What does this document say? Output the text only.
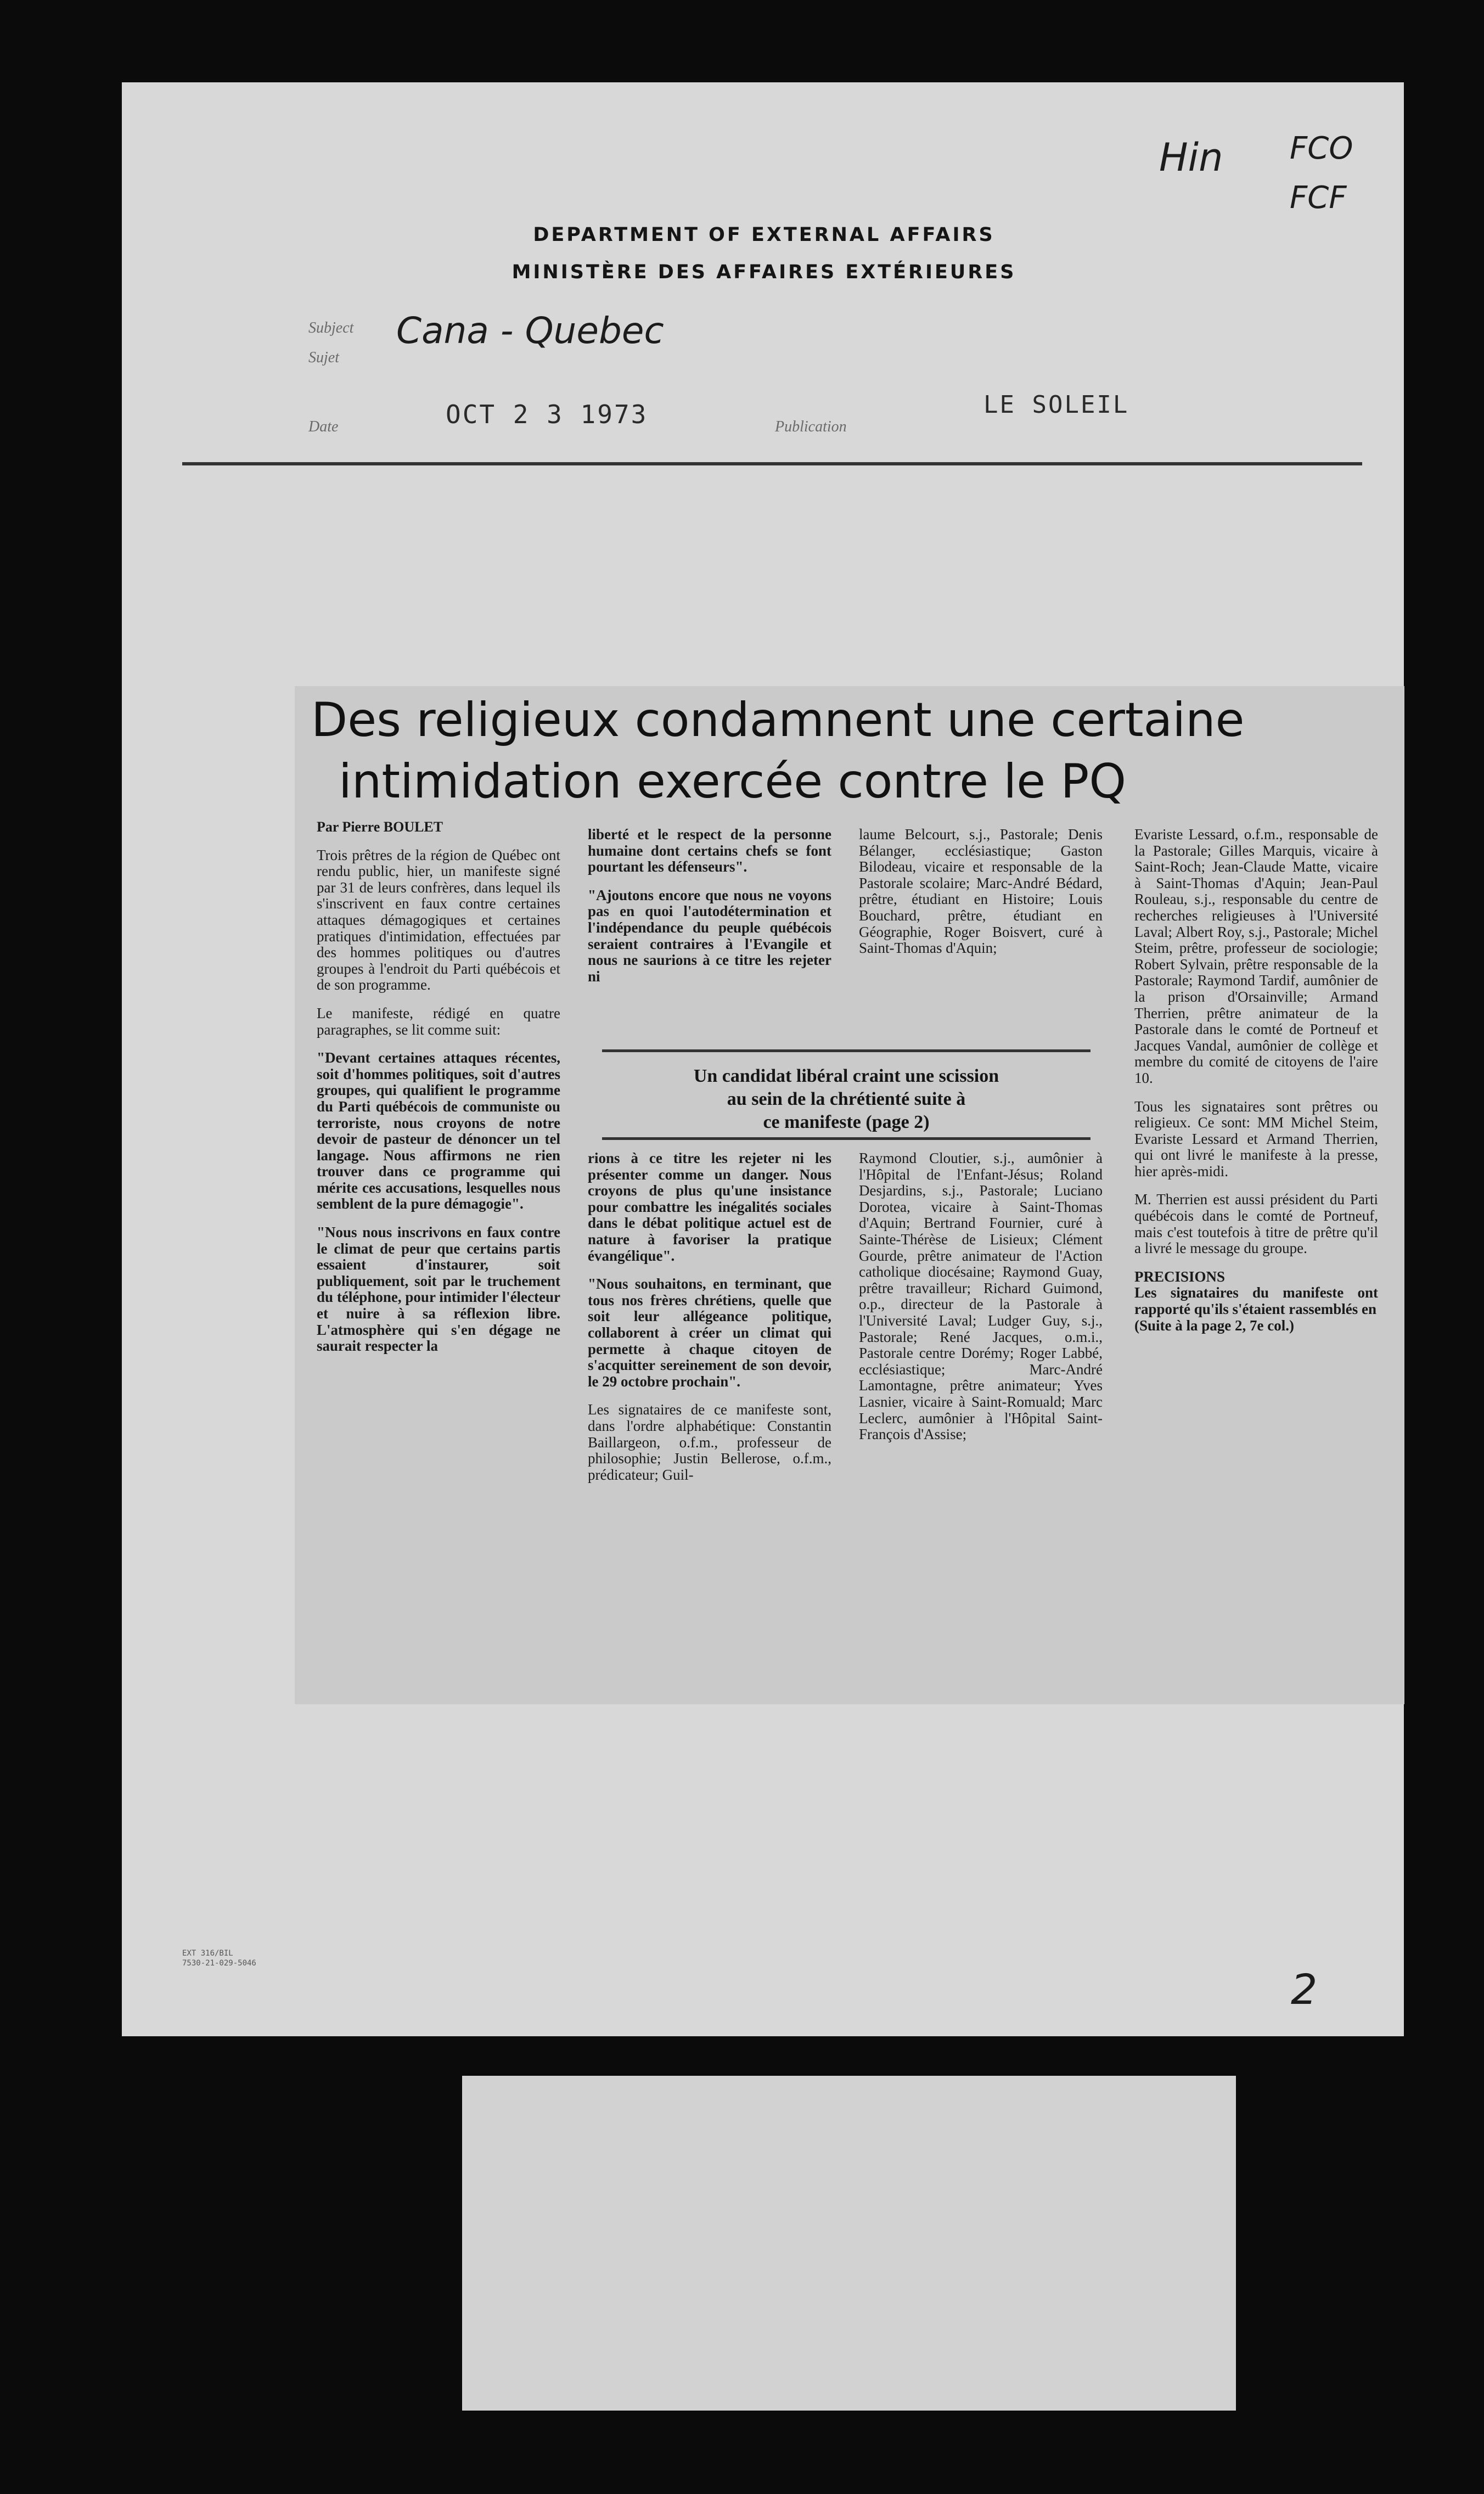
Hin FCO
FCF
DEPARTMENT OF EXTERNAL AFFAIRS
MINISTÈRE DES AFFAIRES EXTÉRIEURES
Subject
Sujet
Cana - Quebec
Date	OCT 2 3 1973	Publication
LE SOLEIL
EXT 316/BIL
7530-21-029-5046
2
Des religieux condamnent une certaine
intimidation exercée contre le PQ

Par Pierre BOULET

Trois prêtres de la région de Québec ont rendu public, hier, un manifeste signé par 31 de leurs confrères, dans lequel ils s'inscrivent en faux contre certaines attaques démagogiques et certaines pratiques d'intimidation, effectuées par des hommes politiques ou d'autres groupes à l'endroit du Parti québécois et de son programme.

Le manifeste, rédigé en quatre paragraphes, se lit comme suit:

"Devant certaines attaques récentes, soit d'hommes politiques, soit d'autres groupes, qui qualifient le programme du Parti québécois de communiste ou terroriste, nous croyons de notre devoir de pasteur de dénoncer un tel langage. Nous affirmons ne rien trouver dans ce programme qui mérite ces accusations, lesquelles nous semblent de la pure démagogie".

"Nous nous inscrivons en faux contre le climat de peur que certains partis essaient d'instaurer, soit publiquement, soit par le truchement du téléphone, pour intimider l'électeur et nuire à sa réflexion libre. L'atmosphère qui s'en dégage ne saurait respecter la

liberté et le respect de la personne humaine dont certains chefs se font pourtant les défenseurs".

"Ajoutons encore que nous ne voyons pas en quoi l'autodétermination et l'indépendance du peuple québécois seraient contraires à l'Evangile et nous ne saurions à ce titre les rejeter ni

laume Belcourt, s.j., Pastorale; Denis Bélanger, ecclésiastique; Gaston Bilodeau, vicaire et responsable de la Pastorale scolaire; Marc-André Bédard, prêtre, étudiant en Histoire; Louis Bouchard, prêtre, étudiant en Géographie, Roger Boisvert, curé à Saint-Thomas d'Aquin;

Un candidat libéral craint une scission
au sein de la chrétienté suite à
ce manifeste (page 2)

rions à ce titre les rejeter ni les présenter comme un danger. Nous croyons de plus qu'une insistance pour combattre les inégalités sociales dans le débat politique actuel est de nature à favoriser la pratique évangélique".

"Nous souhaitons, en terminant, que tous nos frères chrétiens, quelle que soit leur allégeance politique, collaborent à créer un climat qui permette à chaque citoyen de s'acquitter sereinement de son devoir, le 29 octobre prochain".

Les signataires de ce manifeste sont, dans l'ordre alphabétique: Constantin Baillargeon, o.f.m., professeur de philosophie; Justin Bellerose, o.f.m., prédicateur; Guil-

Raymond Cloutier, s.j., aumônier à l'Hôpital de l'Enfant-Jésus; Roland Desjardins, s.j., Pastorale; Luciano Dorotea, vicaire à Saint-Thomas d'Aquin; Bertrand Fournier, curé à Sainte-Thérèse de Lisieux; Clément Gourde, prêtre animateur de l'Action catholique diocésaine; Raymond Guay, prêtre travailleur; Richard Guimond, o.p., directeur de la Pastorale à l'Université Laval; Ludger Guy, s.j., Pastorale; René Jacques, o.m.i., Pastorale centre Dorémy; Roger Labbé, ecclésiastique; Marc-André Lamontagne, prêtre animateur; Yves Lasnier, vicaire à Saint-Romuald; Marc Leclerc, aumônier à l'Hôpital Saint-François d'Assise;

Evariste Lessard, o.f.m., responsable de la Pastorale; Gilles Marquis, vicaire à Saint-Roch; Jean-Claude Matte, vicaire à Saint-Thomas d'Aquin; Jean-Paul Rouleau, s.j., responsable du centre de recherches religieuses à l'Université Laval; Albert Roy, s.j., Pastorale; Michel Steim, prêtre, professeur de sociologie; Robert Sylvain, prêtre responsable de la Pastorale; Raymond Tardif, aumônier de la prison d'Orsainville; Armand Therrien, prêtre animateur de la Pastorale dans le comté de Portneuf et Jacques Vandal, aumônier de collège et membre du comité de citoyens de l'aire 10.

Tous les signataires sont prêtres ou religieux. Ce sont: MM Michel Steim, Evariste Lessard et Armand Therrien, qui ont livré le manifeste à la presse, hier après-midi.

M. Therrien est aussi président du Parti québécois dans le comté de Portneuf, mais c'est toutefois à titre de prêtre qu'il a livré le message du groupe.

PRECISIONS

Les signataires du manifeste ont rapporté qu'ils s'étaient rassemblés en

(Suite à la page 2, 7e col.)
